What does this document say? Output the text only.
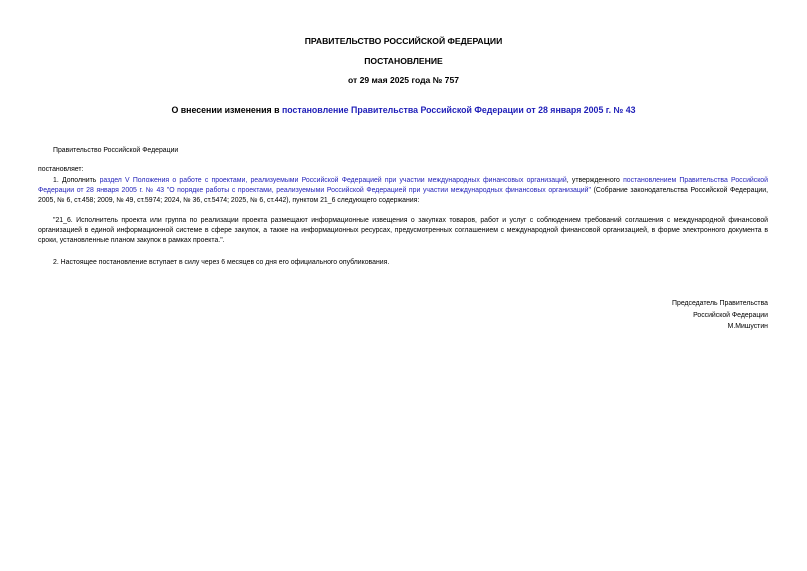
ПРАВИТЕЛЬСТВО РОССИЙСКОЙ ФЕДЕРАЦИИ
ПОСТАНОВЛЕНИЕ
от 29 мая 2025 года № 757
О внесении изменения в постановление Правительства Российской Федерации от 28 января 2005 г. № 43
Правительство Российской Федерации
постановляет:
1. Дополнить раздел V Положения о работе с проектами, реализуемыми Российской Федерацией при участии международных финансовых организаций, утвержденного постановлением Правительства Российской Федерации от 28 января 2005 г. № 43 "О порядке работы с проектами, реализуемыми Российской Федерацией при участии международных финансовых организаций" (Собрание законодательства Российской Федерации, 2005, № 6, ст.458; 2009, № 49, ст.5974; 2024, № 36, ст.5474; 2025, № 6, ст.442), пунктом 21_6 следующего содержания:
"21_6. Исполнитель проекта или группа по реализации проекта размещают информационные извещения о закупках товаров, работ и услуг с соблюдением требований соглашения с международной финансовой организацией в единой информационной системе в сфере закупок, а также на информационных ресурсах, предусмотренных соглашением с международной финансовой организацией, в форме электронного документа в сроки, установленные планом закупок в рамках проекта.".
2. Настоящее постановление вступает в силу через 6 месяцев со дня его официального опубликования.
Председатель Правительства
Российской Федерации
М.Мишустин
